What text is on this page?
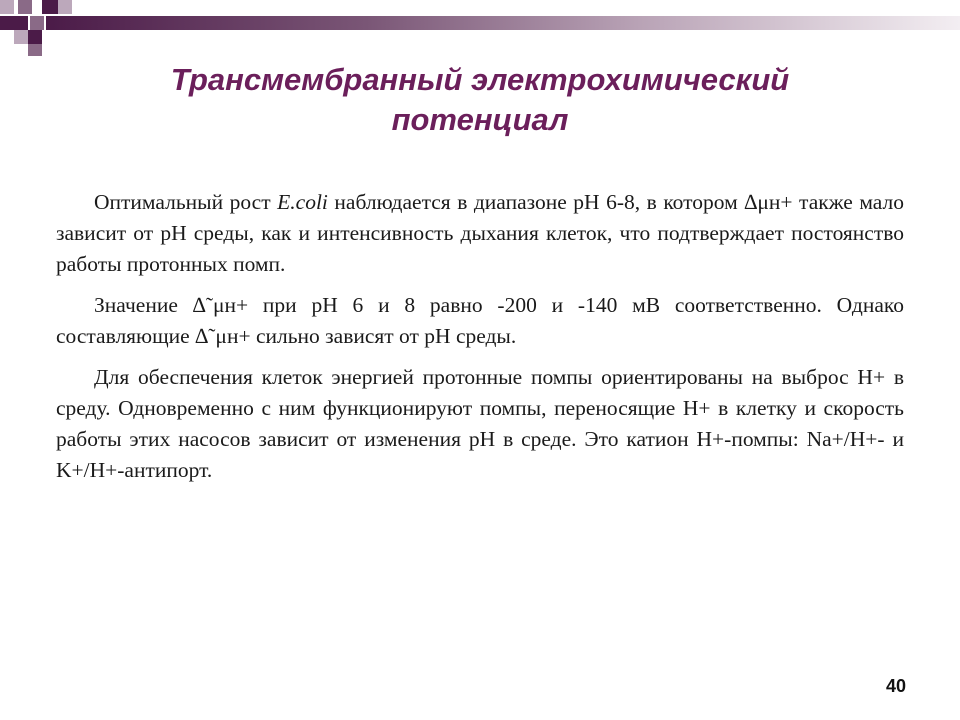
Трансмембранный электрохимический
потенциал

Оптимальный рост E.coli наблюдается в диапазоне рН 6-8, в котором ∆μн+ также мало зависит от рН среды, как и интенсивность дыхания клеток, что подтверждает постоянство работы протонных помп.

Значение ∆˜μн+ при рН 6 и 8 равно -200 и -140 мВ соответственно. Однако составляющие ∆˜μн+ сильно зависят от рН среды.

Для обеспечения клеток энергией протонные помпы ориентированы на выброс Н+ в среду. Одновременно с ним функционируют помпы, переносящие Н+ в клетку и скорость работы этих насосов зависит от изменения рН в среде. Это катион Н+-помпы: Na+/H+- и K+/H+-антипорт.

40
